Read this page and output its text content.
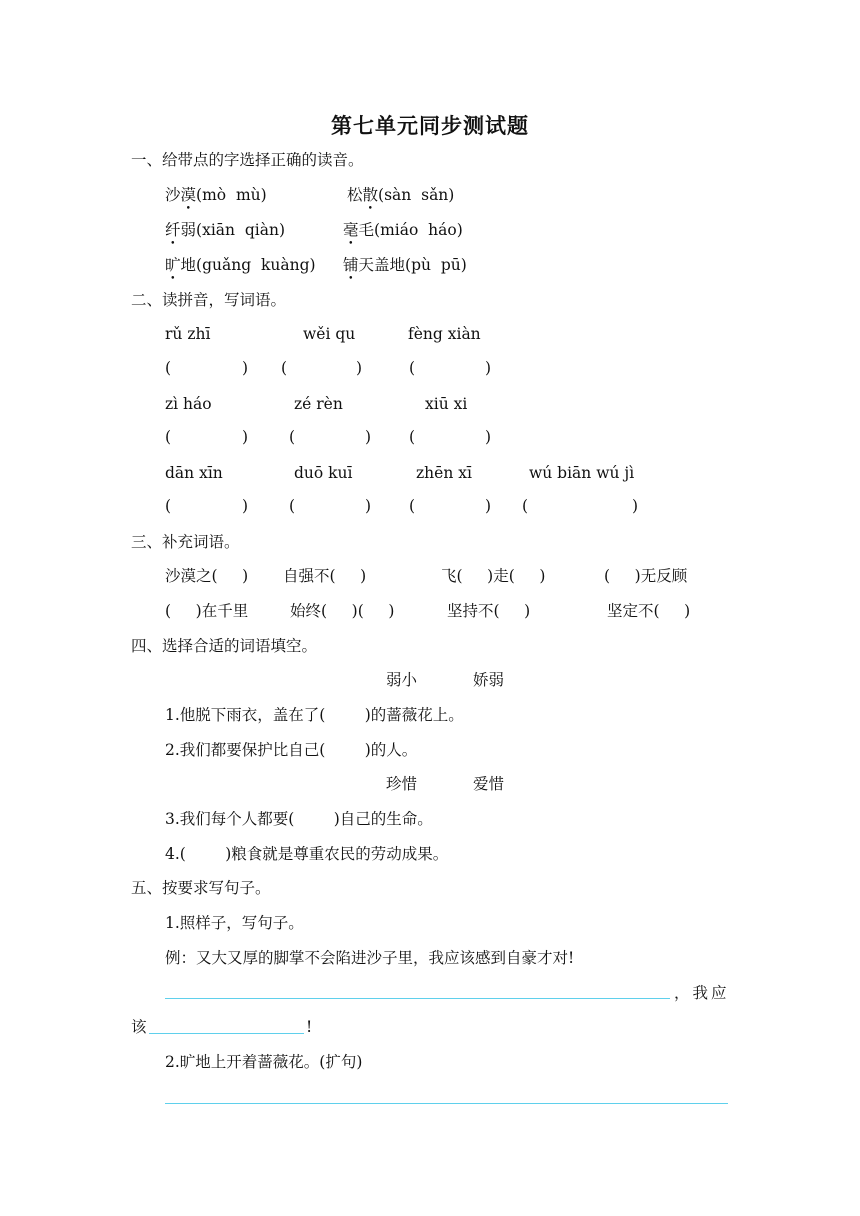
第七单元同步测试题
一、给带点的字选择正确的读音。
沙漠(mò  mù)	松散(sàn  sǎn)
纤弱(xiān  qiàn)	毫毛(miáo  háo)
旷地(guǎng  kuàng) 铺天盖地(pù  pū)
二、读拼音，写词语。
rǔ zhī	wěi qu	fèng xiàn
(	) (	)	(	)
zì háo	zé rèn	xiū xi
(	)	(	) (	)
dān xīn	duō kuī	zhēn xī	wú biān wú jì
(	)	(	) (	) (	)
三、补充词语。
沙漠之(     ) 自强不(     )	飞(     )走(     )	(     )无反顾
(     )在千里	始终(     )(     )	坚持不(     )	坚定不(     )
四、选择合适的词语填空。
弱小	娇弱
1.他脱下雨衣，盖在了(        )的蔷薇花上。
2.我们都要保护比自己(        )的人。
珍惜	爱惜
3.我们每个人都要(        )自己的生命。
4.(        )粮食就是尊重农民的劳动成果。
五、按要求写句子。
1.照样子，写句子。
例：又大又厚的脚掌不会陷进沙子里，我应该感到自豪才对!
，我应
该	!
2.旷地上开着蔷薇花。(扩句)
